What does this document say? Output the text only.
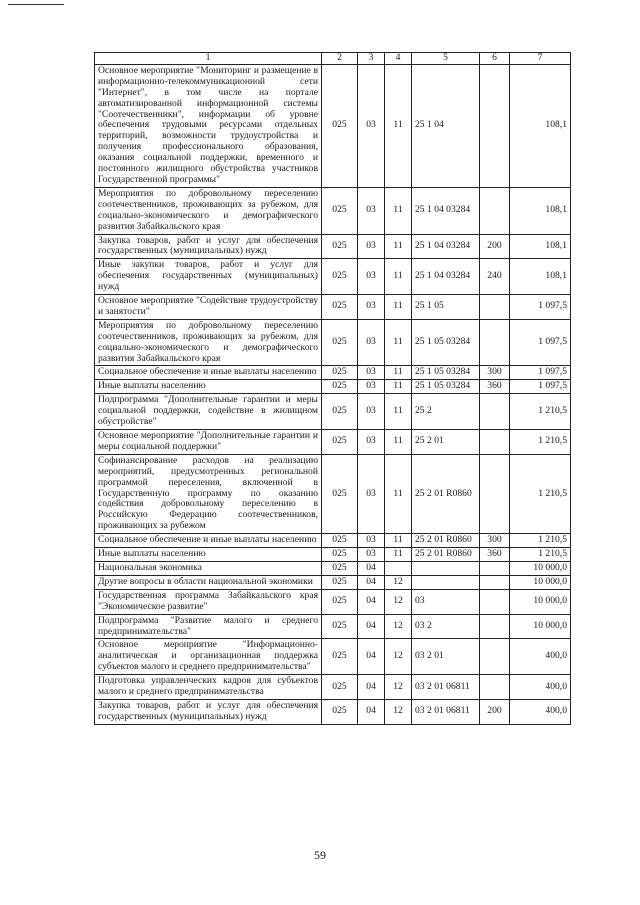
1	2	3	4	5	6	7
Основное мероприятие "Мониторинг и размещение в информационно-телекоммуникационной сети "Интернет", в том числе на портале автоматизированной информационной системы "Соотечественники", информации об уровне обеспечения трудовыми ресурсами отдельных территорий, возможности трудоустройства и получения профессионального образования, оказания социальной поддержки, временного и постоянного жилищного обустройства участников Государственной программы"	025	03	11	25 1 04		108,1
Мероприятия по добровольному переселению соотечественников, проживающих за рубежом, для социально-экономического и демографического развития Забайкальского края	025	03	11	25 1 04 03284		108,1
Закупка товаров, работ и услуг для обеспечения государственных (муниципальных) нужд	025	03	11	25 1 04 03284	200	108,1
Иные закупки товаров, работ и услуг для обеспечения государственных (муниципальных) нужд	025	03	11	25 1 04 03284	240	108,1
Основное мероприятие "Содействие трудоустройству и занятости"	025	03	11	25 1 05		1 097,5
Мероприятия по добровольному переселению соотечественников, проживающих за рубежом, для социально-экономического и демографического развития Забайкальского края	025	03	11	25 1 05 03284		1 097,5
Социальное обеспечение и иные выплаты населению	025	03	11	25 1 05 03284	300	1 097,5
Иные выплаты населению	025	03	11	25 1 05 03284	360	1 097,5
Подпрограмма "Дополнительные гарантии и меры социальной поддержки, содействие в жилищном обустройстве"	025	03	11	25 2		1 210,5
Основное мероприятие "Дополнительные гарантии и меры социальной поддержки"	025	03	11	25 2 01		1 210,5
Софинансирование расходов на реализацию мероприятий, предусмотренных региональной программой переселения, включенной в Государственную программу по оказанию содействия добровольному переселению в Российскую Федерацию соотечественников, проживающих за рубежом	025	03	11	25 2 01 R0860		1 210,5
Социальное обеспечение и иные выплаты населению	025	03	11	25 2 01 R0860	300	1 210,5
Иные выплаты населению	025	03	11	25 2 01 R0860	360	1 210,5
Национальная экономика	025	04				10 000,0
Другие вопросы в области национальной экономики	025	04	12			10 000,0
Государственная программа Забайкальского края "Экономическое развитие"	025	04	12	03		10 000,0
Подпрограмма "Развитие малого и среднего предпринимательства"	025	04	12	03 2		10 000,0
Основное мероприятие "Информационно-аналитическая и организационная поддержка субъектов малого и среднего предпринимательства"	025	04	12	03 2 01		400,0
Подготовка управленческих кадров для субъектов малого и среднего предпринимательства	025	04	12	03 2 01 06811		400,0
Закупка товаров, работ и услуг для обеспечения государственных (муниципальных) нужд	025	04	12	03 2 01 06811	200	400,0
59
